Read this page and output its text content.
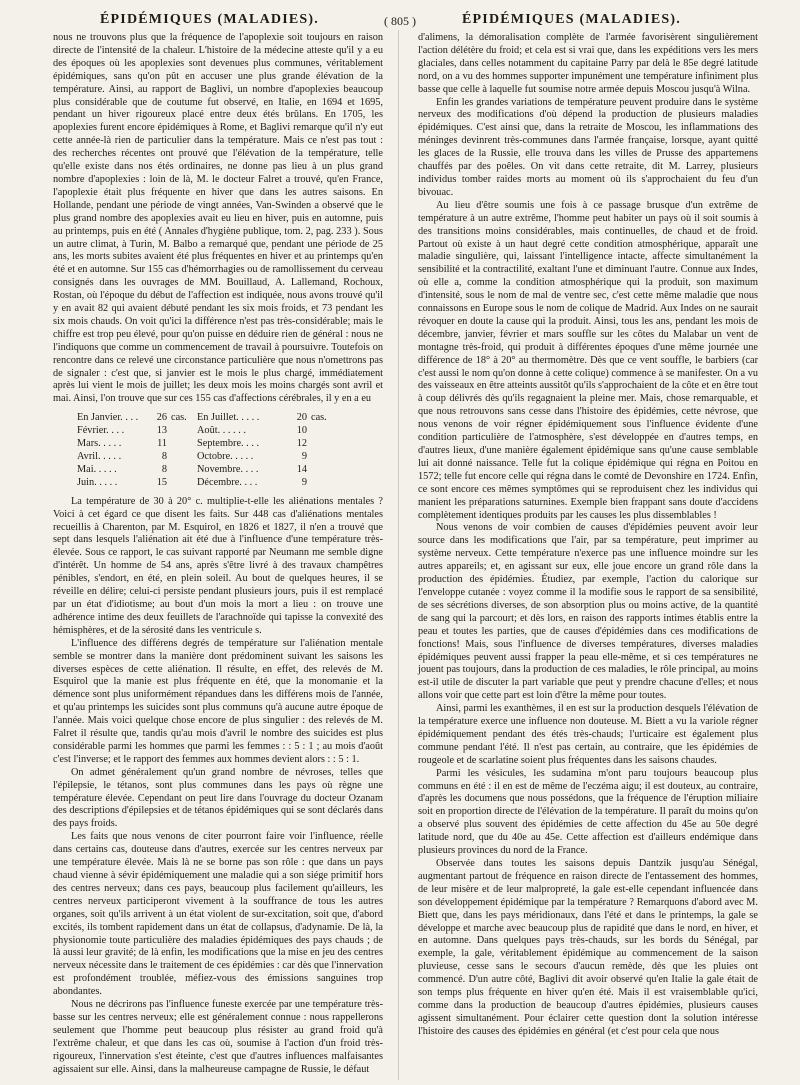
ÉPIDÉMIQUES (MALADIES).	( 805 )	ÉPIDÉMIQUES (MALADIES).

nous ne trouvons plus que la fréquence de l'apoplexie soit toujours en raison directe de l'intensité de la chaleur. L'histoire de la médecine atteste qu'il y a eu des époques où les apoplexies sont devenues plus communes, véritablement épidémiques, sans qu'on pût en accuser une plus grande élévation de la température. Ainsi, au rapport de Baglivi, un nombre d'apoplexies beaucoup plus considérable que de coutume fut observé, en Italie, en 1694 et 1695, pendant un hiver rigoureux placé entre deux étés brûlans. En 1705, les apoplexies furent encore épidémiques à Rome, et Baglivi remarque qu'il n'y eut cette année-là rien de particulier dans la température. Mais ce n'est pas tout : des recherches récentes ont prouvé que l'élévation de la température, telle qu'elle existe dans nos étés ordinaires, ne donne pas lieu à un plus grand nombre d'apoplexies : loin de là, M. le docteur Falret a trouvé, qu'en France, l'apoplexie était plus fréquente en hiver que dans les autres saisons. En Hollande, pendant une période de vingt années, Van-Swinden a observé que le plus grand nombre des apoplexies avait eu lieu en hiver, puis en automne, puis au printemps, puis en été ( Annales d'hygiène publique, tom. 2, pag. 233 ). Sous un autre climat, à Turin, M. Balbo a remarqué que, pendant une période de 25 ans, les morts subites avaient été plus fréquentes en hiver et au printemps qu'en été et en automne. Sur 155 cas d'hémorrhagies ou de ramollissement du cerveau consignés dans les ouvrages de MM. Bouillaud, A. Lallemand, Rochoux, Rostan, où l'époque du début de l'affection est indiquée, nous avons trouvé qu'il y en avait 82 qui avaient débuté pendant les six mois froids, et 73 pendant les six mois chauds. On voit qu'ici la différence n'est pas très-considérable; mais le chiffre est trop peu élevé, pour qu'on puisse en déduire rien de général : nous ne l'indiquons que comme un commencement de travail à poursuivre. Toutefois on rencontre dans ce relevé une circonstance particulière que nous n'omettrons pas de signaler : c'est que, si janvier est le mois le plus chargé, immédiatement après lui vient le mois de juillet; les deux mois les moins chargés sont avril et mai. Ainsi, l'on trouve que sur ces 155 cas d'affections cérébrales, il y en a eu

En Janvier. . . .	26	cas.	En Juillet. . . . .	20	cas.
Février. . . .	13		Août. . . . . .	10	
Mars. . . . .	11		Septembre. . . .	12	
Avril. . . . .	8		Octobre. . . . .	9	
Mai. . . . .	8		Novembre. . . .	14	
Juin. . . . .	15		Décembre. . . .	9	

La température de 30 à 20° c. multiplie-t-elle les aliénations mentales ? Voici à cet égard ce que disent les faits. Sur 448 cas d'aliénations mentales recueillis à Charenton, par M. Esquirol, en 1826 et 1827, il n'en a trouvé que sept dans lesquels l'aliénation ait été due à l'influence d'une température très-élevée. Sous ce rapport, le cas suivant rapporté par Neumann me semble digne d'intérêt. Un homme de 54 ans, après s'être livré à des travaux champêtres pénibles, s'endort, en été, en plein soleil. Au bout de quelques heures, il se réveille en délire; celui-ci persiste pendant plusieurs jours, puis il est remplacé par un état d'idiotisme; au bout d'un mois la mort a lieu : on trouve une adhérence intime des deux feuillets de l'arachnoïde qui tapisse la convexité des hémisphères, et de la sérosité dans les ventricule s.

L'influence des différens degrés de température sur l'aliénation mentale semble se montrer dans la manière dont prédominent suivant les saisons les diverses espèces de cette aliénation. Il résulte, en effet, des relevés de M. Esquirol que la manie est plus fréquente en été, que la monomanie et la démence sont plus uniformément répandues dans les différens mois de l'année, et qu'au printemps les suicides sont plus communs qu'à aucune autre époque de l'année. Mais voici quelque chose encore de plus singulier : des relevés de M. Falret il résulte que, tandis qu'au mois d'avril le nombre des suicides est plus considérable parmi les hommes que parmi les femmes : : 5 : 1 ; au mois d'août c'est l'inverse; et le rapport des femmes aux hommes devient alors : : 5 : 1.

On admet généralement qu'un grand nombre de névroses, telles que l'épilepsie, le tétanos, sont plus communes dans les pays où règne une température élevée. Cependant on peut lire dans l'ouvrage du docteur Ozanam des descriptions d'épilepsies et de tétanos épidémiques qui se sont déclarés dans des pays froids.

Les faits que nous venons de citer pourront faire voir l'influence, réelle dans certains cas, douteuse dans d'autres, exercée sur les centres nerveux par une température élevée. Mais là ne se borne pas son rôle : que dans un pays chaud vienne à sévir épidémiquement une maladie qui a son siége primitif hors des centres nerveux; dans ces pays, beaucoup plus facilement qu'ailleurs, les centres nerveux participeront vivement à la souffrance de tous les autres organes, soit qu'ils arrivent à un état violent de sur-excitation, soit que, d'abord excités, ils tombent rapidement dans un état de collapsus, d'adynamie. De là, la physionomie toute particulière des maladies épidémiques des pays chauds ; de là aussi leur gravité; de là enfin, les modifications que la mise en jeu des centres nerveux nécessite dans le traitement de ces épidémies : car dès que l'innervation est profondément troublée, méfiez-vous des émissions sanguines trop abondantes.

Nous ne décrirons pas l'influence funeste exercée par une température très-basse sur les centres nerveux; elle est généralement connue : nous rappellerons seulement que l'homme peut beaucoup plus résister au grand froid qu'à l'extrême chaleur, et que dans les cas où, soumise à l'action d'un froid très-rigoureux, l'innervation s'est éteinte, c'est que d'autres influences malfaisantes agissaient sur elle. Ainsi, dans la malheureuse campagne de Russie, le défaut

d'alimens, la démoralisation complète de l'armée favorisèrent singulièrement l'action délétère du froid; et cela est si vrai que, dans les expéditions vers les mers glaciales, dans celles notamment du capitaine Parry par delà le 85e degré latitude nord, on a vu des hommes supporter impunément une température infiniment plus basse que celle à laquelle fut soumise notre armée depuis Moscou jusqu'à Wilna.

Enfin les grandes variations de température peuvent produire dans le système nerveux des modifications d'où dépend la production de plusieurs maladies épidémiques. C'est ainsi que, dans la retraite de Moscou, les inflammations des méninges devinrent très-communes dans l'armée française, lorsque, ayant quitté les glaces de la Russie, elle trouva dans les villes de Prusse des appartemens chauffés par des poêles. On vit dans cette retraite, dit M. Larrey, plusieurs individus tomber raides morts au moment où ils s'approchaient du feu d'un bivouac.

Au lieu d'être soumis une fois à ce passage brusque d'un extrême de température à un autre extrême, l'homme peut habiter un pays où il soit soumis à des transitions moins considérables, mais continuelles, de chaud et de froid. Partout où existe à un haut degré cette condition atmosphérique, apparaît une maladie singulière, qui, laissant l'intelligence intacte, affecte simultanément la sensibilité et la contractilité, exaltant l'une et diminuant l'autre. Connue aux Indes, où elle a, comme la condition atmosphérique qui la produit, son maximum d'intensité, sous le nom de mal de ventre sec, c'est cette même maladie que nous connaissons en Europe sous le nom de colique de Madrid. Aux Indes on ne saurait révoquer en doute la cause qui la produit. Ainsi, tous les ans, pendant les mois de décembre, janvier, février et mars souffle sur les côtes du Malabar un vent de montagne très-froid, qui produit à différentes époques d'une même journée une différence de 18° à 20° au thermomètre. Dès que ce vent souffle, le barbiers (car c'est aussi le nom qu'on donne à cette colique) commence à se manifester. On a vu des vaisseaux en être atteints aussitôt qu'ils s'approchaient de la côte et en être tout à coup délivrés dès qu'ils regagnaient la pleine mer. Mais, chose remarquable, et que nous retrouvons sans cesse dans l'histoire des épidémies, cette névrose, que nous venons de voir régner épidémiquement sous l'influence évidente d'une condition particulière de l'atmosphère, s'est développée en d'autres temps, en d'autres lieux, d'une manière également épidémique sans qu'une cause semblable lui ait donné naissance. Telle fut la colique épidémique qui régna en Poitou en 1572; telle fut encore celle qui régna dans le comté de Devonshire en 1724. Enfin, ce sont encore ces mêmes symptômes qui se reproduisent chez les individus qui manient les préparations saturnines. Exemple bien frappant sans doute d'accidens complètement identiques produits par les causes les plus dissemblables !

Nous venons de voir combien de causes d'épidémies peuvent avoir leur source dans les modifications que l'air, par sa température, peut imprimer au système nerveux. Cette température n'exerce pas une influence moindre sur les autres appareils; et, en agissant sur eux, elle joue encore un grand rôle dans la production des épidémies. Étudiez, par exemple, l'action du calorique sur l'enveloppe cutanée : voyez comme il la modifie sous le rapport de sa sensibilité, de ses sécrétions diverses, de son absorption plus ou moins active, de la quantité de sang qui la parcourt; et dès lors, en raison des rapports intimes établis entre la peau et toutes les parties, que de causes d'épidémies dans ces modifications de fonctions! Mais, sous l'influence de diverses températures, diverses maladies épidémiques peuvent aussi frapper la peau elle-même, et si ces températures ne jouent pas toujours, dans la production de ces maladies, le rôle principal, au moins est-il utile de discuter la part variable que peut y prendre chacune d'elles; et nous allons voir que cette part est loin d'être la même pour toutes.

Ainsi, parmi les exanthèmes, il en est sur la production desquels l'élévation de la température exerce une influence non douteuse. M. Biett a vu la variole régner épidémiquement pendant des étés très-chauds; l'urticaire est également plus commune pendant l'été. Il n'est pas certain, au contraire, que les épidémies de rougeole et de scarlatine soient plus fréquentes dans les saisons chaudes.

Parmi les vésicules, les sudamina m'ont paru toujours beaucoup plus communs en été : il en est de même de l'eczéma aigu; il est douteux, au contraire, d'après les documens que nous possédons, que la fréquence de l'éruption miliaire soit en proportion directe de l'élévation de la température. Il paraît du moins qu'on a observé plus souvent des épidémies de cette affection du 45e au 50e degré latitude nord, que du 40e au 45e. Cette affection est d'ailleurs endémique dans plusieurs provinces du nord de la France.

Observée dans toutes les saisons depuis Dantzik jusqu'au Sénégal, augmentant partout de fréquence en raison directe de l'entassement des hommes, de leur misère et de leur malpropreté, la gale est-elle cependant influencée dans son développement épidémique par la température ? Remarquons d'abord avec M. Biett que, dans les pays méridionaux, dans l'été et dans le printemps, la gale se développe et marche avec beaucoup plus de rapidité que dans le nord, en hiver, et en automne. Dans quelques pays très-chauds, sur les bords du Sénégal, par exemple, la gale, véritablement épidémique au commencement de la saison pluvieuse, cesse sans le secours d'aucun remède, dès que les pluies ont commencé. D'un autre côté, Baglivi dit avoir observé qu'en Italie la gale était de son temps plus fréquente en hiver qu'en été. Mais il est vraisemblable qu'ici, comme dans la production de beaucoup d'autres épidémies, plusieurs causes agissent simultanément. Pour éclairer cette question dont la solution intéresse l'histoire des causes des épidémies en général (et c'est pour cela que nous
